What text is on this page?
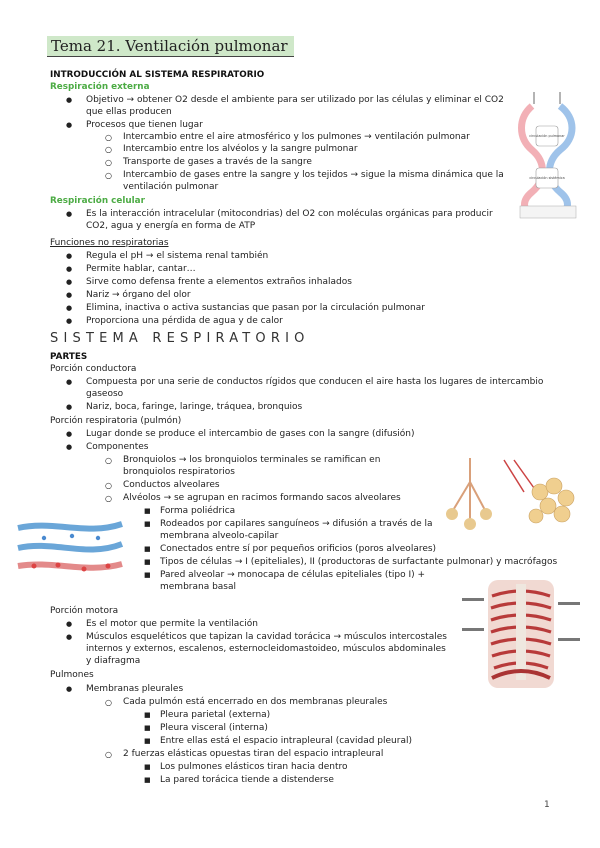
Tema 21. Ventilación pulmonar
INTRODUCCIÓN AL SISTEMA RESPIRATORIO
Respiración externa
● Objetivo → obtener O2 desde el ambiente para ser utilizado por las células y eliminar el CO2
que ellas producen
● Procesos que tienen lugar
○ Intercambio entre el aire atmosférico y los pulmones → ventilación pulmonar
○ Intercambio entre los alvéolos y la sangre pulmonar
○ Transporte de gases a través de la sangre
○ Intercambio de gases entre la sangre y los tejidos → sigue la misma dinámica que la
ventilación pulmonar
Respiración celular
● Es la interacción intracelular (mitocondrias) del O2 con moléculas orgánicas para producir
CO2, agua y energía en forma de ATP
Funciones no respiratorias
● Regula el pH → el sistema renal también
● Permite hablar, cantar…
● Sirve como defensa frente a elementos extraños inhalados
● Nariz → órgano del olor
● Elimina, inactiva o activa sustancias que pasan por la circulación pulmonar
● Proporciona una pérdida de agua y de calor
SISTEMA RESPIRATORIO
PARTES
Porción conductora
● Compuesta por una serie de conductos rígidos que conducen el aire hasta los lugares de intercambio
gaseoso
● Nariz, boca, faringe, laringe, tráquea, bronquios
Porción respiratoria (pulmón)
● Lugar donde se produce el intercambio de gases con la sangre (difusión)
● Componentes
○ Bronquiolos → los bronquiolos terminales se ramifican en
bronquiolos respiratorios
○ Conductos alveolares
○ Alvéolos → se agrupan en racimos formando sacos alveolares
■ Forma poliédrica
■ Rodeados por capilares sanguíneos → difusión a través de la
membrana alveolo-capilar
■ Conectados entre sí por pequeños orificios (poros alveolares)
■ Tipos de células → I (epiteliales), II (productoras de surfactante pulmonar) y macrófagos
■ Pared alveolar → monocapa de células epiteliales (tipo I) +
membrana basal
Porción motora
● Es el motor que permite la ventilación
● Músculos esqueléticos que tapizan la cavidad torácica → músculos intercostales
internos y externos, escalenos, esternocleidomastoideo, músculos abdominales
y diafragma
Pulmones
● Membranas pleurales
○ Cada pulmón está encerrado en dos membranas pleurales
■ Pleura parietal (externa)
■ Pleura visceral (interna)
■ Entre ellas está el espacio intrapleural (cavidad pleural)
○ 2 fuerzas elásticas opuestas tiran del espacio intrapleural
■ Los pulmones elásticos tiran hacia dentro
■ La pared torácica tiende a distenderse
1
circulación pulmonar
circulación sistémica
